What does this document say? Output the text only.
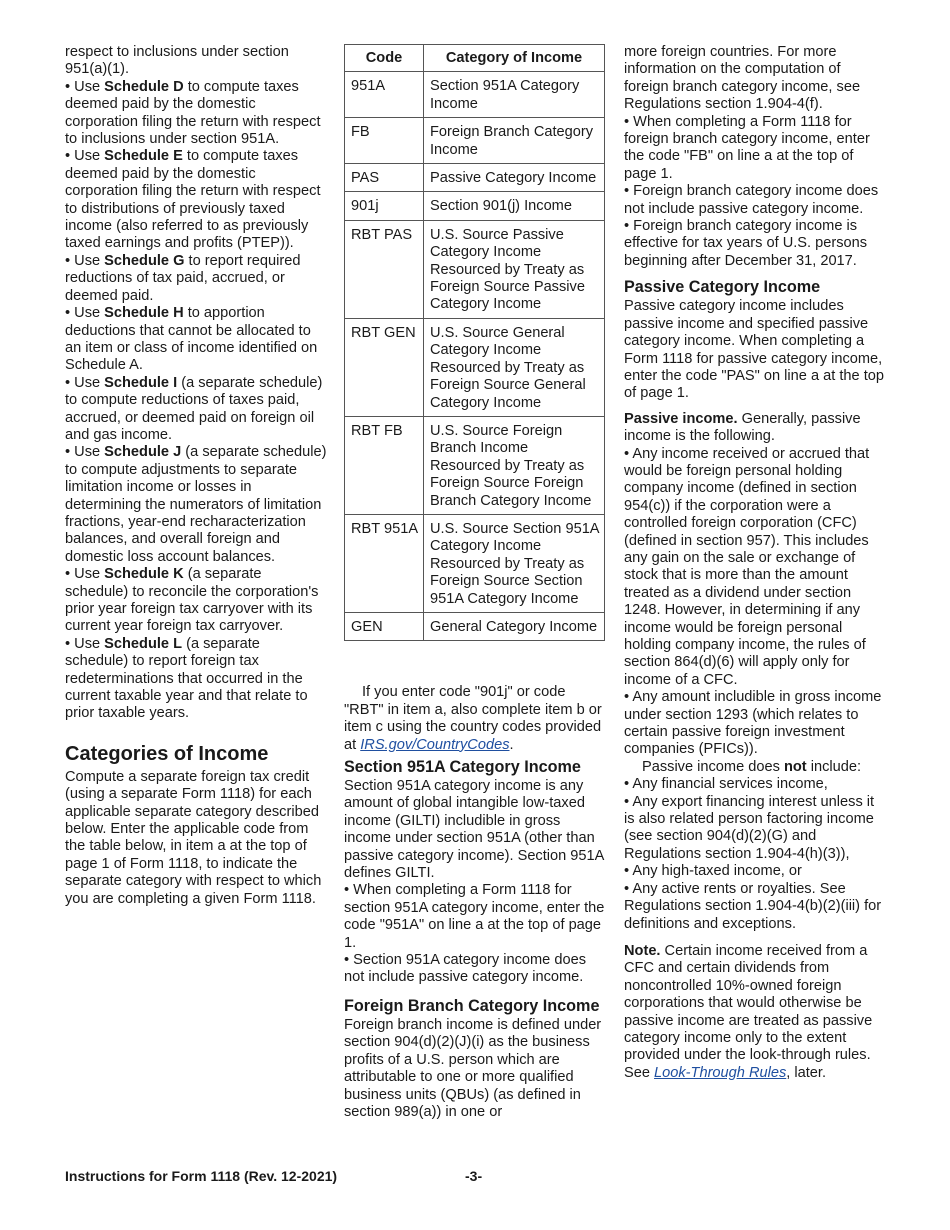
respect to inclusions under section 951(a)(1).

• Use Schedule D to compute taxes deemed paid by the domestic corporation filing the return with respect to inclusions under section 951A.

• Use Schedule E to compute taxes deemed paid by the domestic corporation filing the return with respect to distributions of previously taxed income (also referred to as previously taxed earnings and profits (PTEP)).

• Use Schedule G to report required reductions of tax paid, accrued, or deemed paid.

• Use Schedule H to apportion deductions that cannot be allocated to an item or class of income identified on Schedule A.

• Use Schedule I (a separate schedule) to compute reductions of taxes paid, accrued, or deemed paid on foreign oil and gas income.

• Use Schedule J (a separate schedule) to compute adjustments to separate limitation income or losses in determining the numerators of limitation fractions, year-end recharacterization balances, and overall foreign and domestic loss account balances.

• Use Schedule K (a separate schedule) to reconcile the corporation's prior year foreign tax carryover with its current year foreign tax carryover.

• Use Schedule L (a separate schedule) to report foreign tax redeterminations that occurred in the current taxable year and that relate to prior taxable years.

Categories of Income

Compute a separate foreign tax credit (using a separate Form 1118) for each applicable separate category described below. Enter the applicable code from the table below, in item a at the top of page 1 of Form 1118, to indicate the separate category with respect to which you are completing a given Form 1118.

Code	Category of Income
951A	Section 951A Category Income
FB	Foreign Branch Category Income
PAS	Passive Category Income
901j	Section 901(j) Income
RBT PAS	U.S. Source Passive Category Income Resourced by Treaty as Foreign Source Passive Category Income
RBT GEN	U.S. Source General Category Income Resourced by Treaty as Foreign Source General Category Income
RBT FB	U.S. Source Foreign Branch Income Resourced by Treaty as Foreign Source Foreign Branch Category Income
RBT 951A	U.S. Source Section 951A Category Income Resourced by Treaty as Foreign Source Section 951A Category Income
GEN	General Category Income

If you enter code "901j" or code "RBT" in item a, also complete item b or item c using the country codes provided at IRS.gov/CountryCodes.

Section 951A Category Income

Section 951A category income is any amount of global intangible low-taxed income (GILTI) includible in gross income under section 951A (other than passive category income). Section 951A defines GILTI.

• When completing a Form 1118 for section 951A category income, enter the code "951A" on line a at the top of page 1.

• Section 951A category income does not include passive category income.

Foreign Branch Category Income

Foreign branch income is defined under section 904(d)(2)(J)(i) as the business profits of a U.S. person which are attributable to one or more qualified business units (QBUs) (as defined in section 989(a)) in one or

more foreign countries. For more information on the computation of foreign branch category income, see Regulations section 1.904-4(f).

• When completing a Form 1118 for foreign branch category income, enter the code "FB" on line a at the top of page 1.

• Foreign branch category income does not include passive category income.

• Foreign branch category income is effective for tax years of U.S. persons beginning after December 31, 2017.

Passive Category Income

Passive category income includes passive income and specified passive category income. When completing a Form 1118 for passive category income, enter the code "PAS" on line a at the top of page 1.

Passive income. Generally, passive income is the following.

• Any income received or accrued that would be foreign personal holding company income (defined in section 954(c)) if the corporation were a controlled foreign corporation (CFC) (defined in section 957). This includes any gain on the sale or exchange of stock that is more than the amount treated as a dividend under section 1248. However, in determining if any income would be foreign personal holding company income, the rules of section 864(d)(6) will apply only for income of a CFC.

• Any amount includible in gross income under section 1293 (which relates to certain passive foreign investment companies (PFICs)).

Passive income does not include:

• Any financial services income,

• Any export financing interest unless it is also related person factoring income (see section 904(d)(2)(G) and Regulations section 1.904-4(h)(3)),

• Any high-taxed income, or

• Any active rents or royalties. See Regulations section 1.904-4(b)(2)(iii) for definitions and exceptions.

Note. Certain income received from a CFC and certain dividends from noncontrolled 10%-owned foreign corporations that would otherwise be passive income are treated as passive category income only to the extent provided under the look-through rules. See Look-Through Rules, later.

Instructions for Form 1118 (Rev. 12-2021)	-3-
